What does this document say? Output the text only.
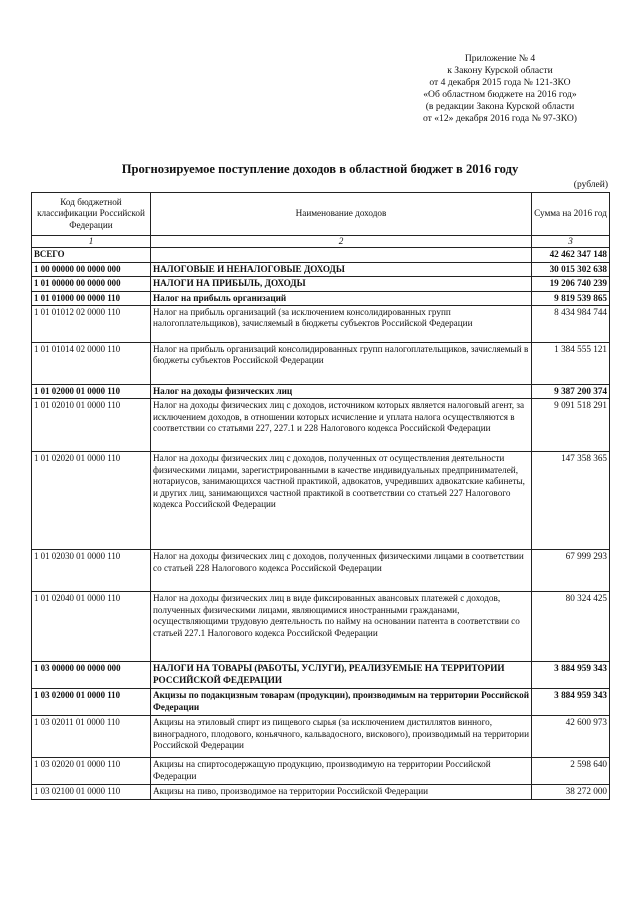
Приложение № 4
к Закону Курской области
от 4 декабря 2015 года № 121-ЗКО
«Об областном бюджете на 2016 год»
(в редакции Закона Курской области
от «12» декабря 2016 года № 97-ЗКО)
Прогнозируемое поступление доходов в областной бюджет в 2016 году
(рублей)
Код бюджетной классификации Российской Федерации	Наименование доходов	Сумма на 2016 год
1	2	3
ВСЕГО		42 462 347 148
1 00 00000 00 0000 000	НАЛОГОВЫЕ И НЕНАЛОГОВЫЕ ДОХОДЫ	30 015 302 638
1 01 00000 00 0000 000	НАЛОГИ НА ПРИБЫЛЬ, ДОХОДЫ	19 206 740 239
1 01 01000 00 0000 110	Налог на прибыль организаций	9 819 539 865
1 01 01012 02 0000 110	Налог на прибыль организаций (за исключением консолидированных групп налогоплательщиков), зачисляемый в бюджеты субъектов Российской Федерации	8 434 984 744
1 01 01014 02 0000 110	Налог на прибыль организаций консолидированных групп налогоплательщиков, зачисляемый в бюджеты субъектов Российской Федерации	1 384 555 121
1 01 02000 01 0000 110	Налог на доходы физических лиц	9 387 200 374
1 01 02010 01 0000 110	Налог на доходы физических лиц с доходов, источником которых является налоговый агент, за исключением доходов, в отношении которых исчисление и уплата налога осуществляются в соответствии со статьями 227, 227.1 и 228 Налогового кодекса Российской Федерации	9 091 518 291
1 01 02020 01 0000 110	Налог на доходы физических лиц с доходов, полученных от осуществления деятельности физическими лицами, зарегистрированными в качестве индивидуальных предпринимателей, нотариусов, занимающихся частной практикой, адвокатов, учредивших адвокатские кабинеты, и других лиц, занимающихся частной практикой в соответствии со статьей 227 Налогового кодекса Российской Федерации	147 358 365
1 01 02030 01 0000 110	Налог на доходы физических лиц с доходов, полученных физическими лицами в соответствии со статьей 228 Налогового кодекса Российской Федерации	67 999 293
1 01 02040 01 0000 110	Налог на доходы физических лиц в виде фиксированных авансовых платежей с доходов, полученных физическими лицами, являющимися иностранными гражданами, осуществляющими трудовую деятельность по найму на основании патента в соответствии со статьей 227.1 Налогового кодекса Российской Федерации	80 324 425
1 03 00000 00 0000 000	НАЛОГИ НА ТОВАРЫ (РАБОТЫ, УСЛУГИ), РЕАЛИЗУЕМЫЕ НА ТЕРРИТОРИИ РОССИЙСКОЙ ФЕДЕРАЦИИ	3 884 959 343
1 03 02000 01 0000 110	Акцизы по подакцизным товарам (продукции), производимым на территории Российской Федерации	3 884 959 343
1 03 02011 01 0000 110	Акцизы на этиловый спирт из пищевого сырья (за исключением дистиллятов винного, виноградного, плодового, коньячного, кальвадосного, вискового), производимый на территории Российской Федерации	42 600 973
1 03 02020 01 0000 110	Акцизы на спиртосодержащую продукцию, производимую на территории Российской Федерации	2 598 640
1 03 02100 01 0000 110	Акцизы на пиво, производимое на территории Российской Федерации	38 272 000
